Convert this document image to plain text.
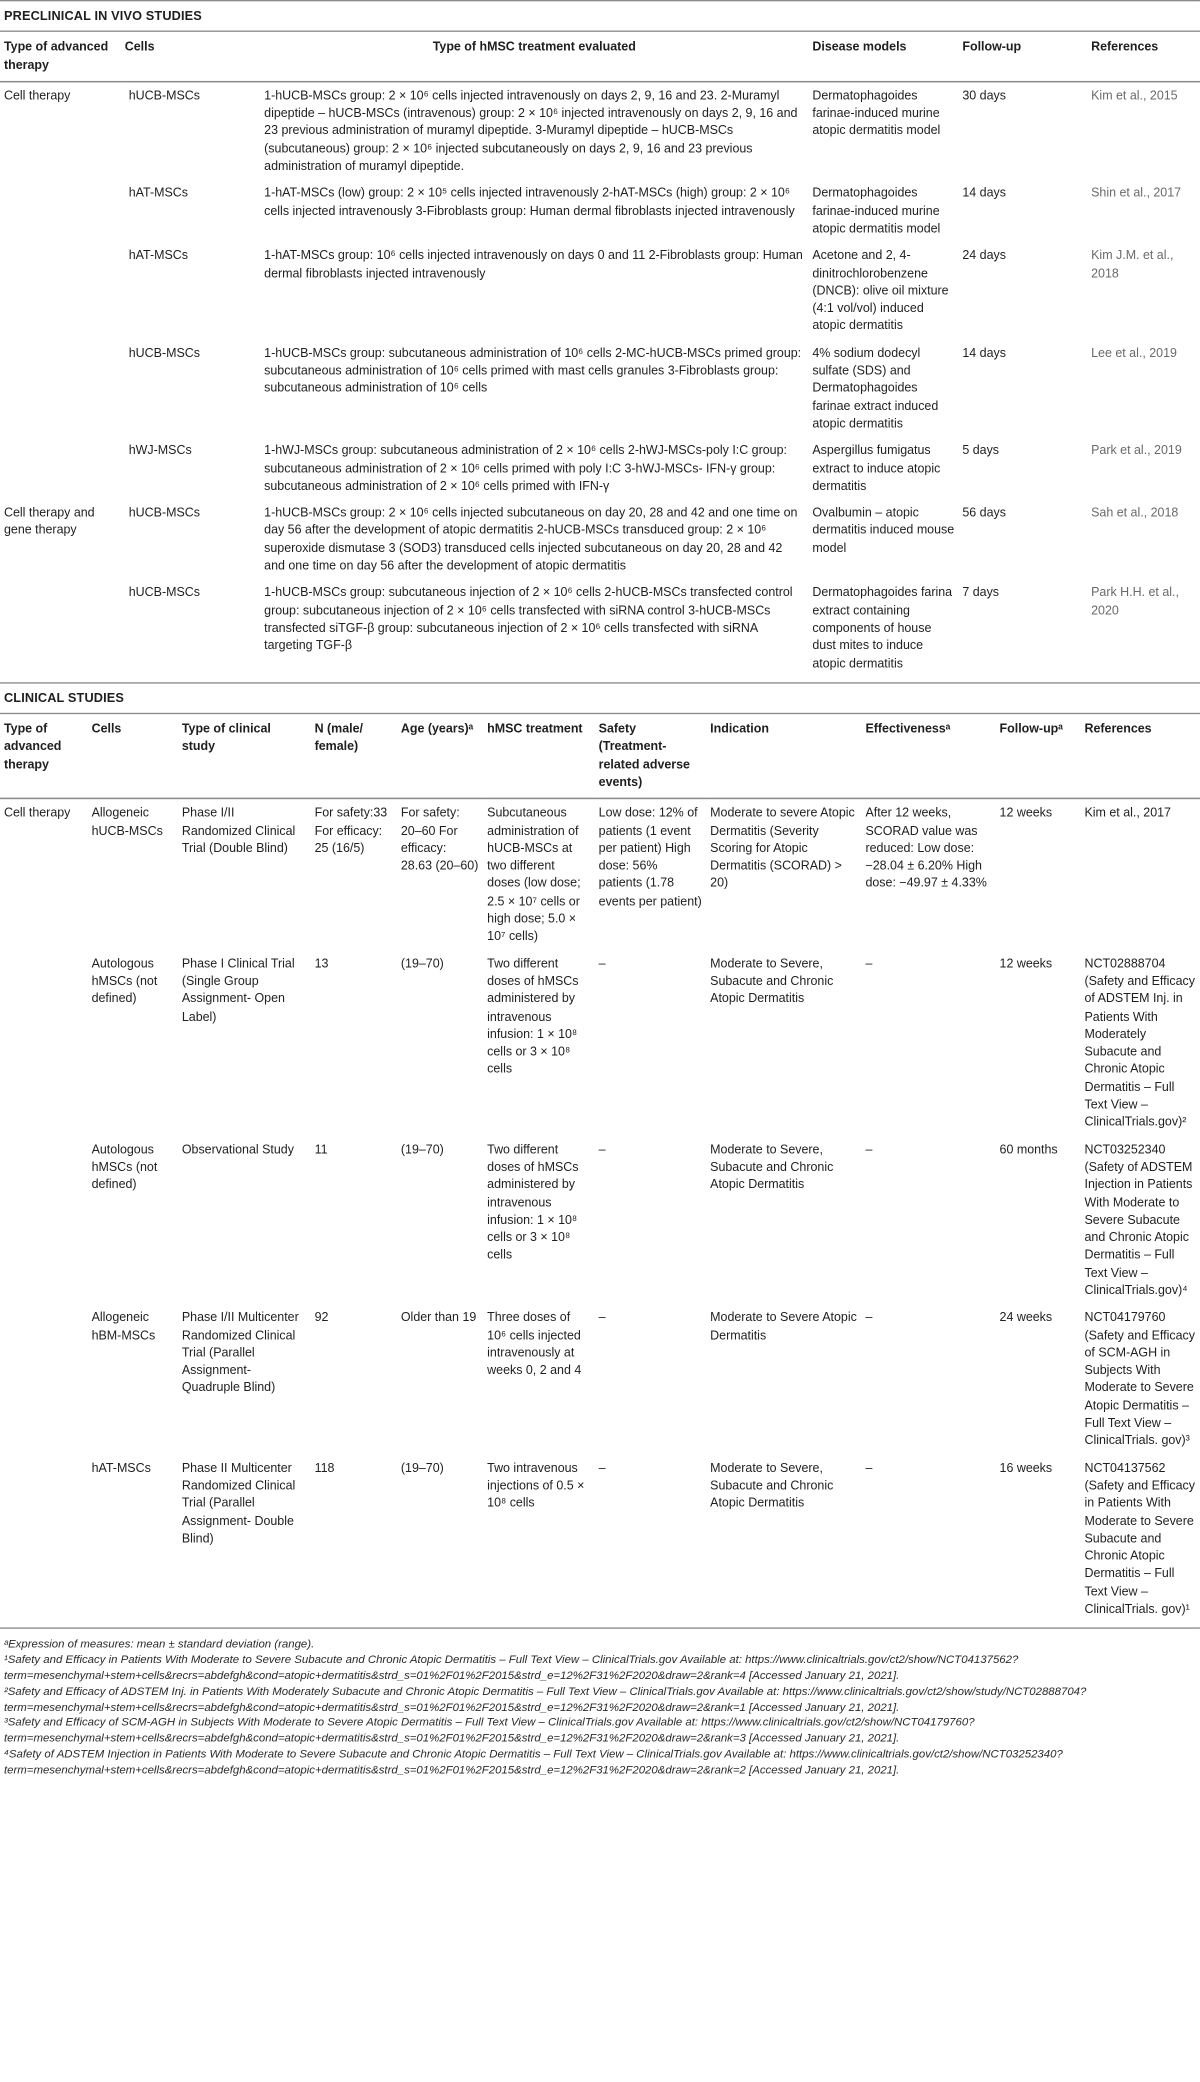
PRECLINICAL IN VIVO STUDIES
Type of advanced therapy	Cells	Type of hMSC treatment evaluated	Disease models	Follow-up	References
Cell therapy	hUCB-MSCs	1-hUCB-MSCs group: 2 × 10⁶ cells injected intravenously on days 2, 9, 16 and 23. 2-Muramyl dipeptide – hUCB-MSCs (intravenous) group: 2 × 10⁶ injected intravenously on days 2, 9, 16 and 23 previous administration of muramyl dipeptide. 3-Muramyl dipeptide – hUCB-MSCs (subcutaneous) group: 2 × 10⁶ injected subcutaneously on days 2, 9, 16 and 23 previous administration of muramyl dipeptide.	Dermatophagoides farinae-induced murine atopic dermatitis model	30 days	Kim et al., 2015
	hAT-MSCs	1-hAT-MSCs (low) group: 2 × 10⁵ cells injected intravenously 2-hAT-MSCs (high) group: 2 × 10⁶ cells injected intravenously 3-Fibroblasts group: Human dermal fibroblasts injected intravenously	Dermatophagoides farinae-induced murine atopic dermatitis model	14 days	Shin et al., 2017
	hAT-MSCs	1-hAT-MSCs group: 10⁶ cells injected intravenously on days 0 and 11 2-Fibroblasts group: Human dermal fibroblasts injected intravenously	Acetone and 2, 4-dinitrochlorobenzene (DNCB): olive oil mixture (4:1 vol/vol) induced atopic dermatitis	24 days	Kim J.M. et al., 2018
	hUCB-MSCs	1-hUCB-MSCs group: subcutaneous administration of 10⁶ cells 2-MC-hUCB-MSCs primed group: subcutaneous administration of 10⁶ cells primed with mast cells granules 3-Fibroblasts group: subcutaneous administration of 10⁶ cells	4% sodium dodecyl sulfate (SDS) and Dermatophagoides farinae extract induced atopic dermatitis	14 days	Lee et al., 2019
	hWJ-MSCs	1-hWJ-MSCs group: subcutaneous administration of 2 × 10⁶ cells 2-hWJ-MSCs-poly I:C group: subcutaneous administration of 2 × 10⁶ cells primed with poly I:C 3-hWJ-MSCs- IFN-γ group: subcutaneous administration of 2 × 10⁶ cells primed with IFN-γ	Aspergillus fumigatus extract to induce atopic dermatitis	5 days	Park et al., 2019
Cell therapy and gene therapy	hUCB-MSCs	1-hUCB-MSCs group: 2 × 10⁶ cells injected subcutaneous on day 20, 28 and 42 and one time on day 56 after the development of atopic dermatitis 2-hUCB-MSCs transduced group: 2 × 10⁶ superoxide dismutase 3 (SOD3) transduced cells injected subcutaneous on day 20, 28 and 42 and one time on day 56 after the development of atopic dermatitis	Ovalbumin – atopic dermatitis induced mouse model	56 days	Sah et al., 2018
	hUCB-MSCs	1-hUCB-MSCs group: subcutaneous injection of 2 × 10⁶ cells 2-hUCB-MSCs transfected control group: subcutaneous injection of 2 × 10⁶ cells transfected with siRNA control 3-hUCB-MSCs transfected siTGF-β group: subcutaneous injection of 2 × 10⁶ cells transfected with siRNA targeting TGF-β	Dermatophagoides farina extract containing components of house dust mites to induce atopic dermatitis	7 days	Park H.H. et al., 2020
CLINICAL STUDIES
Type of advanced therapy	Cells	Type of clinical study	N (male/ female)	Age (years)ᵃ	hMSC treatment	Safety (Treatment-related adverse events)	Indication	Effectivenessᵃ	Follow-upᵃ	References
Cell therapy	Allogeneic hUCB-MSCs	Phase I/II Randomized Clinical Trial (Double Blind)	For safety:33 For efficacy: 25 (16/5)	For safety: 20–60 For efficacy: 28.63 (20–60)	Subcutaneous administration of hUCB-MSCs at two different doses (low dose; 2.5 × 10⁷ cells or high dose; 5.0 × 10⁷ cells)	Low dose: 12% of patients (1 event per patient) High dose: 56% patients (1.78 events per patient)	Moderate to severe Atopic Dermatitis (Severity Scoring for Atopic Dermatitis (SCORAD) > 20)	After 12 weeks, SCORAD value was reduced: Low dose: −28.04 ± 6.20% High dose: −49.97 ± 4.33%	12 weeks	Kim et al., 2017
	Autologous hMSCs (not defined)	Phase I Clinical Trial (Single Group Assignment- Open Label)	13	(19–70)	Two different doses of hMSCs administered by intravenous infusion: 1 × 10⁸ cells or 3 × 10⁸ cells	–	Moderate to Severe, Subacute and Chronic Atopic Dermatitis	–	12 weeks	NCT02888704 (Safety and Efficacy of ADSTEM Inj. in Patients With Moderately Subacute and Chronic Atopic Dermatitis – Full Text View – ClinicalTrials.gov)²
	Autologous hMSCs (not defined)	Observational Study	11	(19–70)	Two different doses of hMSCs administered by intravenous infusion: 1 × 10⁸ cells or 3 × 10⁸ cells	–	Moderate to Severe, Subacute and Chronic Atopic Dermatitis	–	60 months	NCT03252340 (Safety of ADSTEM Injection in Patients With Moderate to Severe Subacute and Chronic Atopic Dermatitis – Full Text View – ClinicalTrials.gov)⁴
	Allogeneic hBM-MSCs	Phase I/II Multicenter Randomized Clinical Trial (Parallel Assignment- Quadruple Blind)	92	Older than 19	Three doses of 10⁶ cells injected intravenously at weeks 0, 2 and 4	–	Moderate to Severe Atopic Dermatitis	–	24 weeks	NCT04179760 (Safety and Efficacy of SCM-AGH in Subjects With Moderate to Severe Atopic Dermatitis – Full Text View – ClinicalTrials. gov)³
	hAT-MSCs	Phase II Multicenter Randomized Clinical Trial (Parallel Assignment- Double Blind)	118	(19–70)	Two intravenous injections of 0.5 × 10⁸ cells	–	Moderate to Severe, Subacute and Chronic Atopic Dermatitis	–	16 weeks	NCT04137562 (Safety and Efficacy in Patients With Moderate to Severe Subacute and Chronic Atopic Dermatitis – Full Text View – ClinicalTrials. gov)¹
ᵃExpression of measures: mean ± standard deviation (range).
¹Safety and Efficacy in Patients With Moderate to Severe Subacute and Chronic Atopic Dermatitis – Full Text View – ClinicalTrials.gov Available at: https://www.clinicaltrials.gov/ct2/show/NCT04137562?term=mesenchymal+stem+cells&recrs=abdefgh&cond=atopic+dermatitis&strd_s=01%2F01%2F2015&strd_e=12%2F31%2F2020&draw=2&rank=4 [Accessed January 21, 2021].
²Safety and Efficacy of ADSTEM Inj. in Patients With Moderately Subacute and Chronic Atopic Dermatitis – Full Text View – ClinicalTrials.gov Available at: https://www.clinicaltrials.gov/ct2/show/study/NCT02888704?term=mesenchymal+stem+cells&recrs=abdefgh&cond=atopic+dermatitis&strd_s=01%2F01%2F2015&strd_e=12%2F31%2F2020&draw=2&rank=1 [Accessed January 21, 2021].
³Safety and Efficacy of SCM-AGH in Subjects With Moderate to Severe Atopic Dermatitis – Full Text View – ClinicalTrials.gov Available at: https://www.clinicaltrials.gov/ct2/show/NCT04179760?term=mesenchymal+stem+cells&recrs=abdefgh&cond=atopic+dermatitis&strd_s=01%2F01%2F2015&strd_e=12%2F31%2F2020&draw=2&rank=3 [Accessed January 21, 2021].
⁴Safety of ADSTEM Injection in Patients With Moderate to Severe Subacute and Chronic Atopic Dermatitis – Full Text View – ClinicalTrials.gov Available at: https://www.clinicaltrials.gov/ct2/show/NCT03252340?term=mesenchymal+stem+cells&recrs=abdefgh&cond=atopic+dermatitis&strd_s=01%2F01%2F2015&strd_e=12%2F31%2F2020&draw=2&rank=2 [Accessed January 21, 2021].
